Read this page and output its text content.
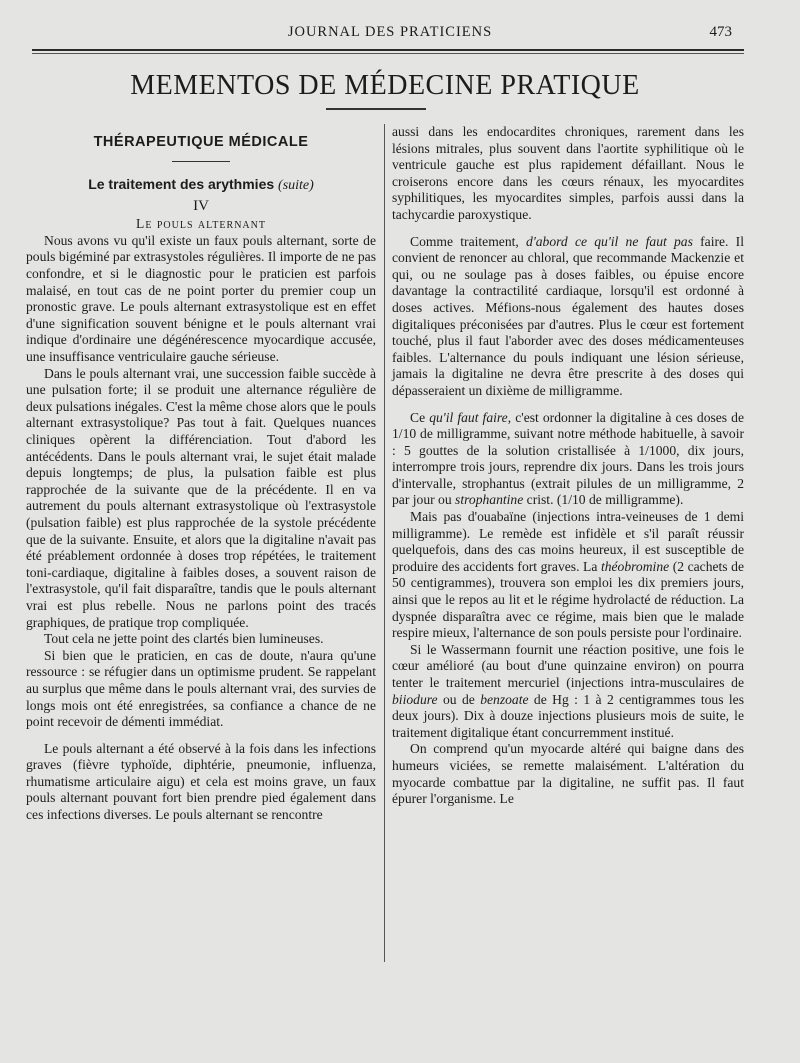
JOURNAL DES PRATICIENS	473
MEMENTOS DE MÉDECINE PRATIQUE
THÉRAPEUTIQUE MÉDICALE
Le traitement des arythmies (suite)
IV
Le pouls alternant

Nous avons vu qu'il existe un faux pouls alternant, sorte de pouls bigéminé par extrasystoles régulières. Il importe de ne pas confondre, et si le diagnostic pour le praticien est parfois malaisé, en tout cas de ne point porter du premier coup un pronostic grave. Le pouls alternant extrasystolique est en effet d'une signification souvent bénigne et le pouls alternant vrai indique d'ordinaire une dégénérescence myocardique accusée, une insuffisance ventriculaire gauche sérieuse.

Dans le pouls alternant vrai, une succession faible succède à une pulsation forte; il se produit une alternance régulière de deux pulsations inégales. C'est la même chose alors que le pouls alternant extrasystolique? Pas tout à fait. Quelques nuances cliniques opèrent la différenciation. Tout d'abord les antécédents. Dans le pouls alternant vrai, le sujet était malade depuis longtemps; de plus, la pulsation faible est plus rapprochée de la suivante que de la précédente. Il en va autrement du pouls alternant extrasystolique où l'extrasystole (pulsation faible) est plus rapprochée de la systole précédente que de la suivante. Ensuite, et alors que la digitaline n'avait pas été préablement ordonnée à doses trop répétées, le traitement toni-cardiaque, digitaline à faibles doses, a souvent raison de l'extrasystole, qu'il fait disparaître, tandis que le pouls alternant vrai est plus rebelle. Nous ne parlons point des tracés graphiques, de pratique trop compliquée.

Tout cela ne jette point des clartés bien lumineuses.

Si bien que le praticien, en cas de doute, n'aura qu'une ressource : se réfugier dans un optimisme prudent. Se rappelant au surplus que même dans le pouls alternant vrai, des survies de longs mois ont été enregistrées, sa confiance a chance de ne point recevoir de démenti immédiat.

Le pouls alternant a été observé à la fois dans les infections graves (fièvre typhoïde, diphtérie, pneumonie, influenza, rhumatisme articulaire aigu) et cela est moins grave, un faux pouls alternant pouvant fort bien prendre pied également dans ces infections diverses. Le pouls alternant se rencontre

aussi dans les endocardites chroniques, rarement dans les lésions mitrales, plus souvent dans l'aortite syphilitique où le ventricule gauche est plus rapidement défaillant. Nous le croiserons encore dans les cœurs rénaux, les myocardites syphilitiques, les myocardites simples, parfois aussi dans la tachycardie paroxystique.

Comme traitement, d'abord ce qu'il ne faut pas faire. Il convient de renoncer au chloral, que recommande Mackenzie et qui, ou ne soulage pas à doses faibles, ou épuise encore davantage la contractilité cardiaque, lorsqu'il est ordonné à doses actives. Méfions-nous également des hautes doses digitaliques préconisées par d'autres. Plus le cœur est fortement touché, plus il faut l'aborder avec des doses médicamenteuses faibles. L'alternance du pouls indiquant une lésion sérieuse, jamais la digitaline ne devra être prescrite à des doses qui dépasseraient un dixième de milligramme.

Ce qu'il faut faire, c'est ordonner la digitaline à ces doses de 1/10 de milligramme, suivant notre méthode habituelle, à savoir : 5 gouttes de la solution cristallisée à 1/1000, dix jours, interrompre trois jours, reprendre dix jours. Dans les trois jours d'intervalle, strophantus (extrait pilules de un milligramme, 2 par jour ou strophantine crist. (1/10 de milligramme).

Mais pas d'ouabaïne (injections intra-veineuses de 1 demi milligramme). Le remède est infidèle et s'il paraît réussir quelquefois, dans des cas moins heureux, il est susceptible de produire des accidents fort graves. La théobromine (2 cachets de 50 centigrammes), trouvera son emploi les dix premiers jours, ainsi que le repos au lit et le régime hydrolacté de réduction. La dyspnée disparaîtra avec ce régime, mais bien que le malade respire mieux, l'alternance de son pouls persiste pour l'ordinaire.

Si le Wassermann fournit une réaction positive, une fois le cœur amélioré (au bout d'une quinzaine environ) on pourra tenter le traitement mercuriel (injections intra-musculaires de biiodure ou de benzoate de Hg : 1 à 2 centigrammes tous les deux jours). Dix à douze injections plusieurs mois de suite, le traitement digitalique étant concurremment institué.

On comprend qu'un myocarde altéré qui baigne dans des humeurs viciées, se remette malaisément. L'altération du myocarde combattue par la digitaline, ne suffit pas. Il faut épurer l'organisme. Le
